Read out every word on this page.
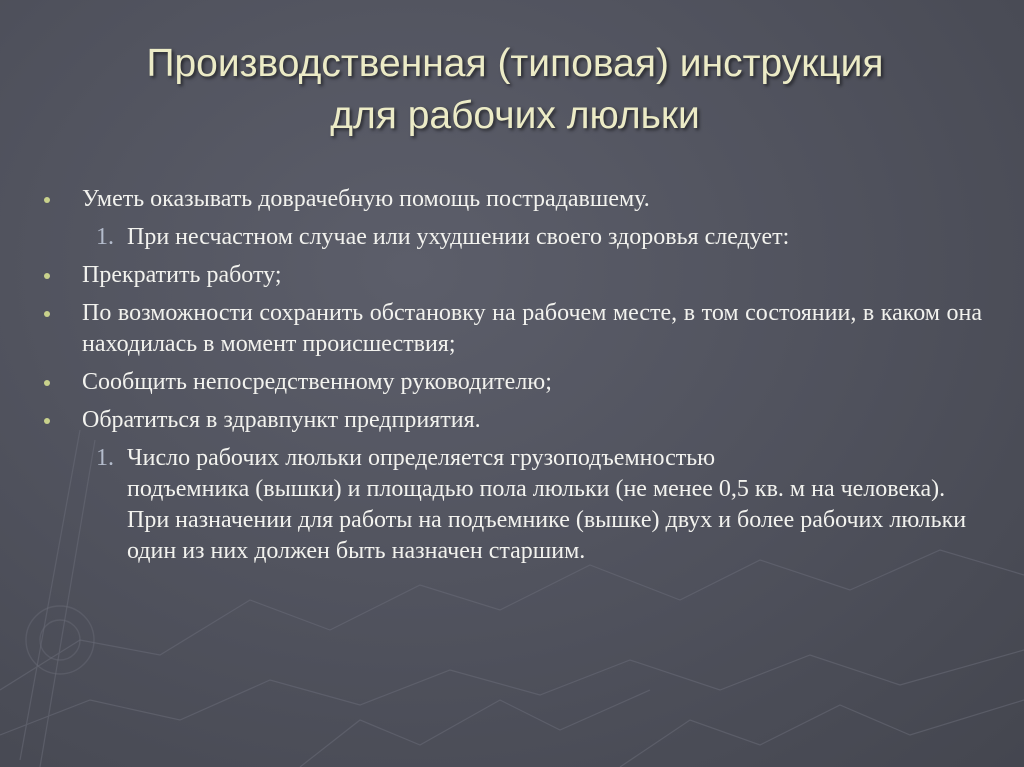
Производственная (типовая) инструкция
для рабочих люльки
Уметь оказывать доврачебную помощь пострадавшему.
1. При несчастном случае или ухудшении своего здоровья следует:
Прекратить работу;
По возможности сохранить обстановку на рабочем месте, в том состоянии, в каком она находилась в момент происшествия;
Сообщить непосредственному руководителю;
Обратиться в здравпункт предприятия.
1. Число рабочих люльки определяется грузоподъемностью
подъемника (вышки) и площадью пола люльки (не менее 0,5 кв. м на человека). При назначении для работы на подъемнике (вышке) двух и более рабочих люльки один из них должен быть назначен старшим.
